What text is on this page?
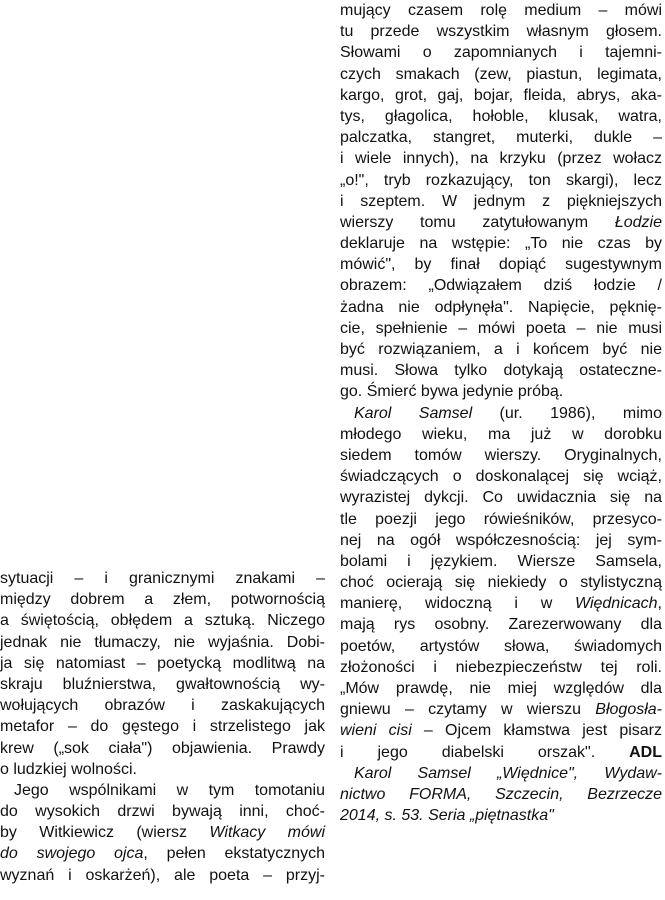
sytuacji – i granicznymi znakami –
między dobrem a złem, potwornością
a świętością, obłędem a sztuką. Niczego
jednak nie tłumaczy, nie wyjaśnia. Dobi-
ja się natomiast – poetycką modlitwą na
skraju bluźnierstwa, gwałtownością wy-
wołujących obrazów i zaskakujących
metafor – do gęstego i strzelistego jak
krew („sok ciała") objawienia. Prawdy
o ludzkiej wolności.
Jego wspólnikami w tym tomotaniu
do wysokich drzwi bywają inni, choć-
by Witkiewicz (wiersz Witkacy mówi
do swojego ojca, pełen ekstatycznych
wyznań i oskarżeń), ale poeta – przyj-
mujący czasem rolę medium – mówi
tu przede wszystkim własnym głosem.
Słowami o zapomnianych i tajemni-
czych smakach (zew, piastun, legimata,
kargo, grot, gaj, bojar, fleida, abrys, aka-
tys, głagolica, hołoble, klusak, watra,
palczatka, stangret, muterki, dukle –
i wiele innych), na krzyku (przez wołacz
„o!", tryb rozkazujący, ton skargi), lecz
i szeptem. W jednym z piękniejszych
wierszy tomu zatytułowanym Łodzie
deklaruje na wstępie: „To nie czas by
mówić", by finał dopiąć sugestywnym
obrazem: „Odwiązałem dziś łodzie /
żadna nie odpłynęła". Napięcie, pęknię-
cie, spełnienie – mówi poeta – nie musi
być rozwiązaniem, a i końcem być nie
musi. Słowa tylko dotykają ostateczne-
go. Śmierć bywa jedynie próbą.
Karol Samsel (ur. 1986), mimo
młodego wieku, ma już w dorobku
siedem tomów wierszy. Oryginalnych,
świadczących o doskonalącej się wciąż,
wyrazistej dykcji. Co uwidacznia się na
tle poezji jego rówieśników, przesyco-
nej na ogół współczesnością: jej sym-
bolami i językiem. Wiersze Samsela,
choć ocierają się niekiedy o stylistyczną
manierę, widoczną i w Więdnicach,
mają rys osobny. Zarezerwowany dla
poetów, artystów słowa, świadomych
złożoności i niebezpieczeństw tej roli.
„Mów prawdę, nie miej względów dla
gniewu – czytamy w wierszu Błogosła-
wieni cisi – Ojcem kłamstwa jest pisarz
i jego diabelski orszak". ADL
Karol Samsel „Więdnice", Wydaw-
nictwo FORMA, Szczecin, Bezrzecze
2014, s. 53. Seria „piętnastka"
